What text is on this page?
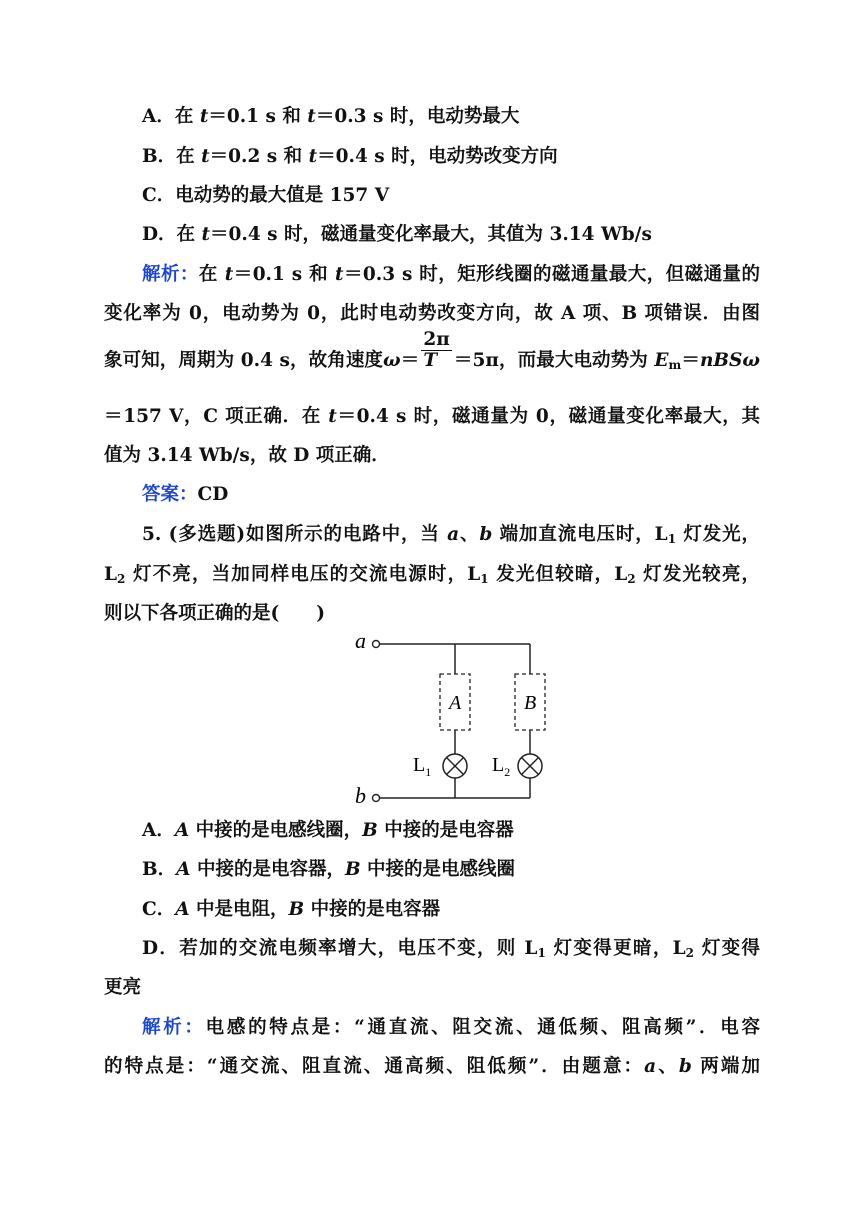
A．在 t＝0.1 s 和 t＝0.3 s 时，电动势最大
B．在 t＝0.2 s 和 t＝0.4 s 时，电动势改变方向
C．电动势的最大值是 157 V
D．在 t＝0.4 s 时，磁通量变化率最大，其值为 3.14 Wb/s
解析：在 t＝0.1 s 和 t＝0.3 s 时，矩形线圈的磁通量最大，但磁通量的
变化率为 0，电动势为 0，此时电动势改变方向，故 A 项、B 项错误．由图
象可知，周期为 0.4 s，故角速度$\omega= \frac{2\pi}{T} =5\pi$，而最大电动势为 $E_m=nBS\omega$
＝157 V，C 项正确．在 t＝0.4 s 时，磁通量为 0，磁通量变化率最大，其
值为 3.14 Wb/s，故 D 项正确．
答案：CD
5. (多选题)如图所示的电路中，当 a、b 端加直流电压时，$L_1$ 灯发光，
$L_2$ 灯不亮，当加同样电压的交流电源时，$L_1$ 发光但较暗，$L_2$ 灯发光较亮，
则以下各项正确的是(　　)
a
A
$L_1$
B
$L_2$
b
A．A 中接的是电感线圈，B 中接的是电容器
B．A 中接的是电容器，B 中接的是电感线圈
C．A 中是电阻，B 中接的是电容器
D．若加的交流电频率增大，电压不变，则 $L_1$ 灯变得更暗，$L_2$ 灯变得
更亮
解析：电感的特点是：“通直流、阻交流、通低频、阻高频”．电容
的特点是：“通交流、阻直流、通高频、阻低频”．由题意：a、b 两端加
